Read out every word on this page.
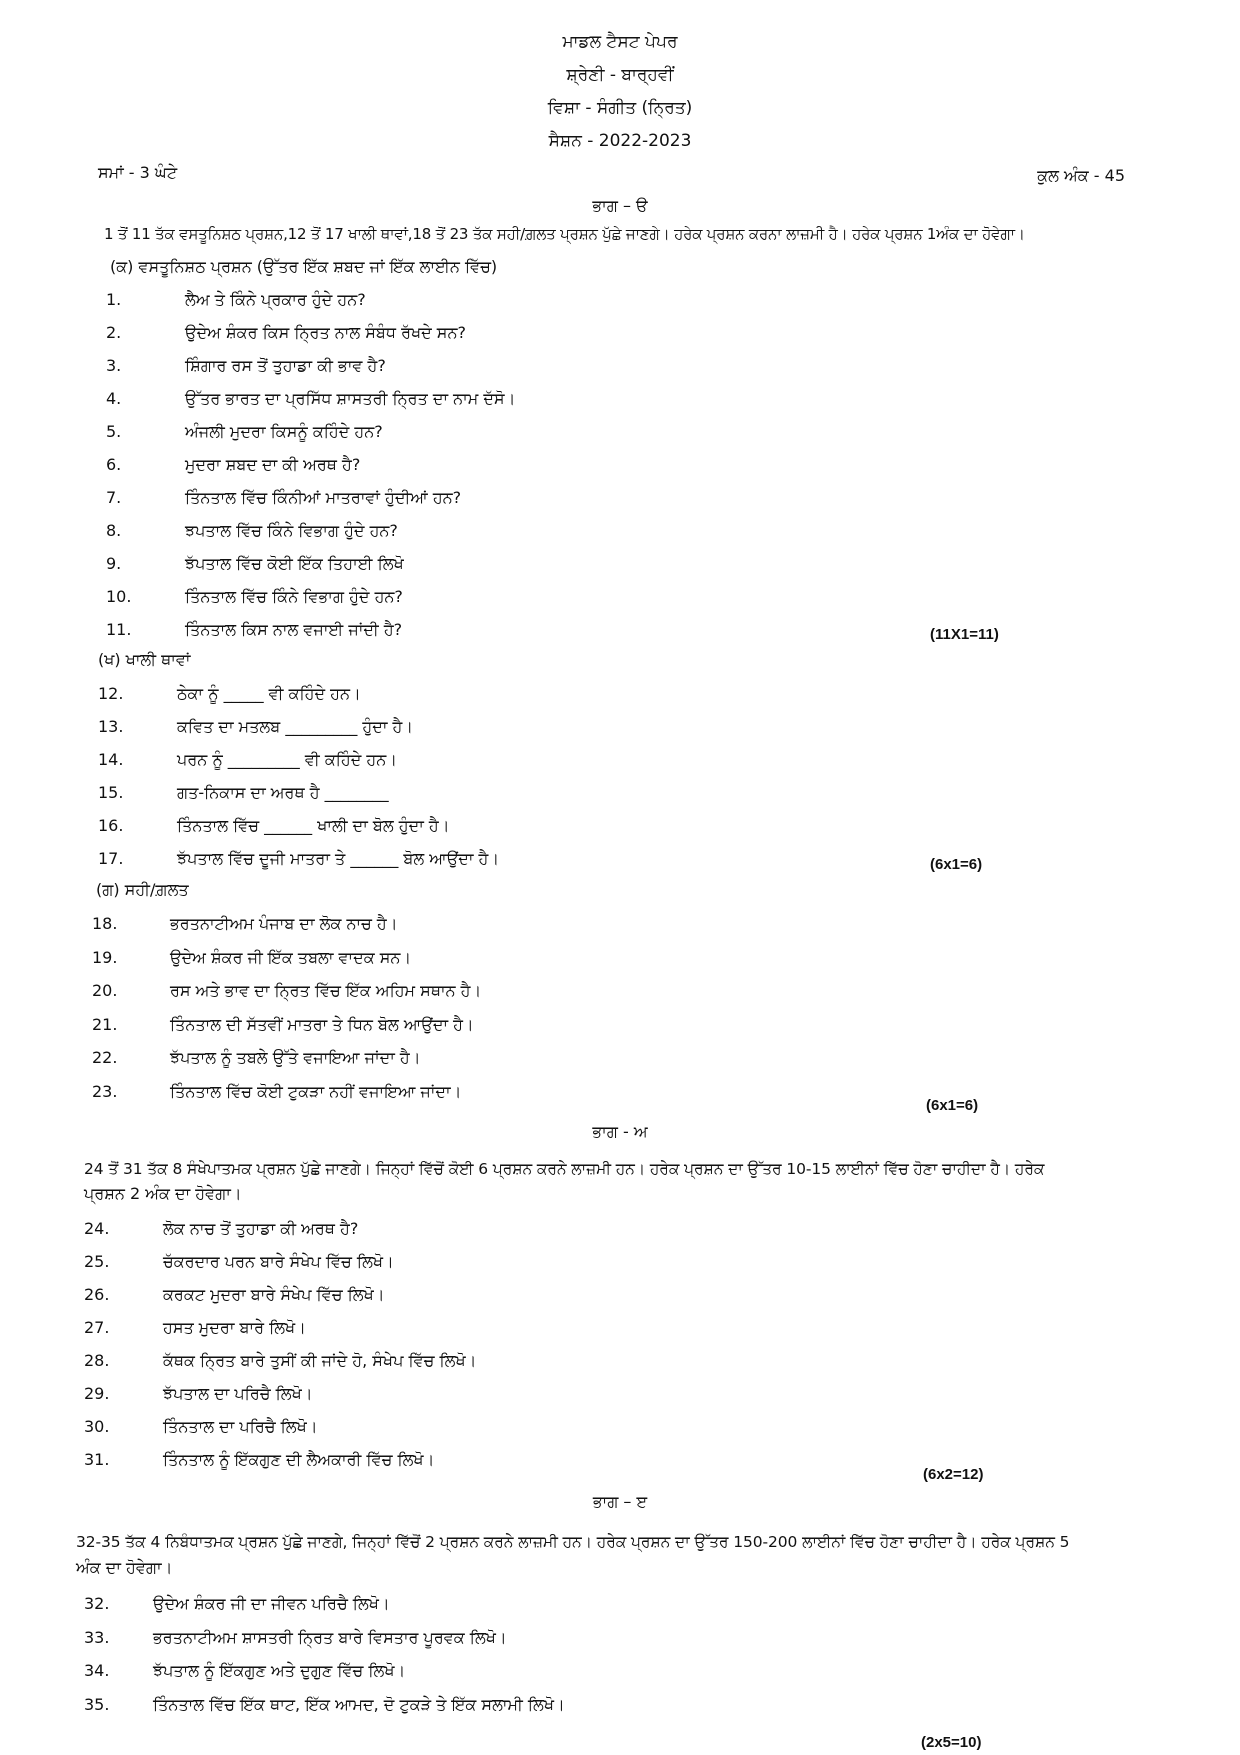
ਮਾਡਲ ਟੈਸਟ ਪੇਪਰ
ਸ਼੍ਰੇਣੀ - ਬਾਰ੍ਹਵੀਂ
ਵਿਸ਼ਾ - ਸੰਗੀਤ (ਨ੍ਰਿਤ)
ਸੈਸ਼ਨ - 2022-2023
ਸਮਾਂ - 3 ਘੰਟੇ	ਕੁਲ ਅੰਕ - 45
ਭਾਗ – ੳ
1 ਤੋਂ 11 ਤੱਕ ਵਸਤੂਨਿਸ਼ਠ ਪ੍ਰਸ਼ਨ,12 ਤੋਂ 17 ਖਾਲੀ ਥਾਵਾਂ,18 ਤੋਂ 23 ਤੱਕ ਸਹੀ/ਗ਼ਲਤ ਪ੍ਰਸ਼ਨ ਪੁੱਛੇ ਜਾਣਗੇ। ਹਰੇਕ ਪ੍ਰਸ਼ਨ ਕਰਨਾ ਲਾਜ਼ਮੀ ਹੈ। ਹਰੇਕ ਪ੍ਰਸ਼ਨ 1ਅੰਕ ਦਾ ਹੋਵੇਗਾ।
(ਕ) ਵਸਤੂਨਿਸ਼ਠ ਪ੍ਰਸ਼ਨ (ਉੱਤਰ ਇੱਕ ਸ਼ਬਦ ਜਾਂ ਇੱਕ ਲਾਈਨ ਵਿੱਚ)
1.	ਲੈਅ ਤੇ ਕਿੰਨੇ ਪ੍ਰਕਾਰ ਹੁੰਦੇ ਹਨ?
2.	ਉਦੇਅ ਸ਼ੰਕਰ ਕਿਸ ਨ੍ਰਿਤ ਨਾਲ ਸੰਬੰਧ ਰੱਖਦੇ ਸਨ?
3.	ਸ਼ਿੰਗਾਰ ਰਸ ਤੋਂ ਤੁਹਾਡਾ ਕੀ ਭਾਵ ਹੈ?
4.	ਉੱਤਰ ਭਾਰਤ ਦਾ ਪ੍ਰਸਿੱਧ ਸ਼ਾਸਤਰੀ ਨ੍ਰਿਤ ਦਾ ਨਾਮ ਦੱਸੋ।
5.	ਅੰਜਲੀ ਮੁਦਰਾ ਕਿਸਨੂੰ ਕਹਿੰਦੇ ਹਨ?
6.	ਮੁਦਰਾ ਸ਼ਬਦ ਦਾ ਕੀ ਅਰਥ ਹੈ?
7.	ਤਿੰਨਤਾਲ ਵਿੱਚ ਕਿੰਨੀਆਂ ਮਾਤਰਾਵਾਂ ਹੁੰਦੀਆਂ ਹਨ?
8.	ਝਪਤਾਲ ਵਿੱਚ ਕਿੰਨੇ ਵਿਭਾਗ ਹੁੰਦੇ ਹਨ?
9.	ਝੱਪਤਾਲ ਵਿੱਚ ਕੋਈ ਇੱਕ ਤਿਹਾਈ ਲਿਖੋ
10.	ਤਿੰਨਤਾਲ ਵਿੱਚ ਕਿੰਨੇ ਵਿਭਾਗ ਹੁੰਦੇ ਹਨ?
11.	ਤਿੰਨਤਾਲ ਕਿਸ ਨਾਲ ਵਜਾਈ ਜਾਂਦੀ ਹੈ?	(11X1=11)
(ਖ) ਖਾਲੀ ਥਾਵਾਂ
12.	ਠੇਕਾ ਨੂੰ _____ ਵੀ ਕਹਿੰਦੇ ਹਨ।
13.	ਕਵਿਤ ਦਾ ਮਤਲਬ _________ ਹੁੰਦਾ ਹੈ।
14.	ਪਰਨ ਨੂੰ _________ ਵੀ ਕਹਿੰਦੇ ਹਨ।
15.	ਗਤ-ਨਿਕਾਸ ਦਾ ਅਰਥ ਹੈ ________
16.	ਤਿੰਨਤਾਲ ਵਿੱਚ ______ ਖਾਲੀ ਦਾ ਬੋਲ ਹੁੰਦਾ ਹੈ।
17.	ਝੱਪਤਾਲ ਵਿੱਚ ਦੂਜੀ ਮਾਤਰਾ ਤੇ ______ ਬੋਲ ਆਉਂਦਾ ਹੈ।	(6x1=6)
(ਗ) ਸਹੀ/ਗ਼ਲਤ
18.	ਭਰਤਨਾਟੀਅਮ ਪੰਜਾਬ ਦਾ ਲੋਕ ਨਾਚ ਹੈ।
19.	ਉਦੇਅ ਸ਼ੰਕਰ ਜੀ ਇੱਕ ਤਬਲਾ ਵਾਦਕ ਸਨ।
20.	ਰਸ ਅਤੇ ਭਾਵ ਦਾ ਨ੍ਰਿਤ ਵਿੱਚ ਇੱਕ ਅਹਿਮ ਸਥਾਨ ਹੈ।
21.	ਤਿੰਨਤਾਲ ਦੀ ਸੱਤਵੀਂ ਮਾਤਰਾ ਤੇ ਧਿਨ ਬੋਲ ਆਉਂਦਾ ਹੈ।
22.	ਝੱਪਤਾਲ ਨੂੰ ਤਬਲੇ ਉੱਤੇ ਵਜਾਇਆ ਜਾਂਦਾ ਹੈ।
23.	ਤਿੰਨਤਾਲ ਵਿੱਚ ਕੋਈ ਟੁਕੜਾ ਨਹੀਂ ਵਜਾਇਆ ਜਾਂਦਾ।
(6x1=6)
ਭਾਗ - ਅ
24 ਤੋਂ 31 ਤੱਕ 8 ਸੰਖੇਪਾਤਮਕ ਪ੍ਰਸ਼ਨ ਪੁੱਛੇ ਜਾਣਗੇ। ਜਿਨ੍ਹਾਂ ਵਿੱਚੋਂ ਕੋਈ 6 ਪ੍ਰਸ਼ਨ ਕਰਨੇ ਲਾਜ਼ਮੀ ਹਨ। ਹਰੇਕ ਪ੍ਰਸ਼ਨ ਦਾ ਉੱਤਰ 10-15 ਲਾਈਨਾਂ ਵਿੱਚ ਹੋਣਾ ਚਾਹੀਦਾ ਹੈ। ਹਰੇਕ
ਪ੍ਰਸ਼ਨ 2 ਅੰਕ ਦਾ ਹੋਵੇਗਾ।
24.	ਲੋਕ ਨਾਚ ਤੋਂ ਤੁਹਾਡਾ ਕੀ ਅਰਥ ਹੈ?
25.	ਚੱਕਰਦਾਰ ਪਰਨ ਬਾਰੇ ਸੰਖੇਪ ਵਿੱਚ ਲਿਖੋ।
26.	ਕਰਕਟ ਮੁਦਰਾ ਬਾਰੇ ਸੰਖੇਪ ਵਿੱਚ ਲਿਖੋ।
27.	ਹਸਤ ਮੁਦਰਾ ਬਾਰੇ ਲਿਖੋ।
28.	ਕੱਥਕ ਨ੍ਰਿਤ ਬਾਰੇ ਤੁਸੀਂ ਕੀ ਜਾਂਦੇ ਹੋ, ਸੰਖੇਪ ਵਿੱਚ ਲਿਖੋ।
29.	ਝੱਪਤਾਲ ਦਾ ਪਰਿਚੈ ਲਿਖੋ।
30.	ਤਿੰਨਤਾਲ ਦਾ ਪਰਿਚੈ ਲਿਖੋ।
31.	ਤਿੰਨਤਾਲ ਨੂੰ ਇੱਕਗੁਣ ਦੀ ਲੈਅਕਾਰੀ ਵਿੱਚ ਲਿਖੋ।
(6x2=12)
ਭਾਗ – ੲ
32-35 ਤੱਕ 4 ਨਿਬੰਧਾਤਮਕ ਪ੍ਰਸ਼ਨ ਪੁੱਛੇ ਜਾਣਗੇ, ਜਿਨ੍ਹਾਂ ਵਿੱਚੋਂ 2 ਪ੍ਰਸ਼ਨ ਕਰਨੇ ਲਾਜ਼ਮੀ ਹਨ। ਹਰੇਕ ਪ੍ਰਸ਼ਨ ਦਾ ਉੱਤਰ 150-200 ਲਾਈਨਾਂ ਵਿੱਚ ਹੋਣਾ ਚਾਹੀਦਾ ਹੈ। ਹਰੇਕ ਪ੍ਰਸ਼ਨ 5
ਅੰਕ ਦਾ ਹੋਵੇਗਾ।
32.	ਉਦੇਅ ਸ਼ੰਕਰ ਜੀ ਦਾ ਜੀਵਨ ਪਰਿਚੈ ਲਿਖੋ।
33.	ਭਰਤਨਾਟੀਅਮ ਸ਼ਾਸਤਰੀ ਨ੍ਰਿਤ ਬਾਰੇ ਵਿਸਤਾਰ ਪੂਰਵਕ ਲਿਖੋ।
34.	ਝੱਪਤਾਲ ਨੂੰ ਇੱਕਗੁਣ ਅਤੇ ਦੁਗੁਣ ਵਿੱਚ ਲਿਖੋ।
35.	ਤਿੰਨਤਾਲ ਵਿੱਚ ਇੱਕ ਥਾਟ, ਇੱਕ ਆਮਦ, ਦੋ ਟੁਕੜੇ ਤੇ ਇੱਕ ਸਲਾਮੀ ਲਿਖੋ।
(2x5=10)
